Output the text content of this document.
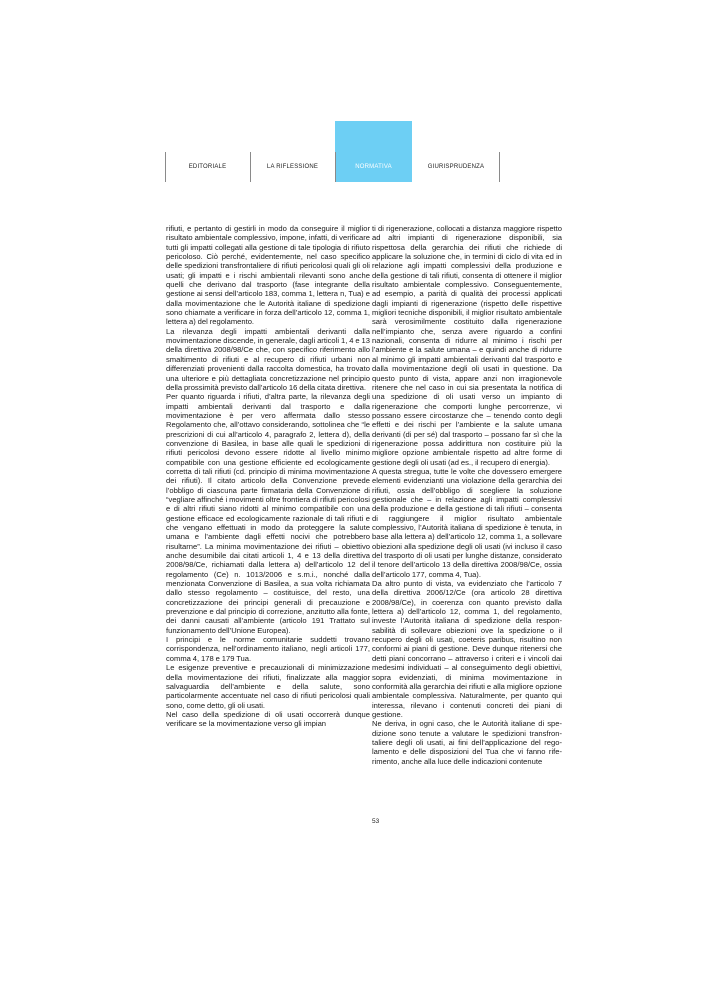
EDITORIALE	LA RIFLESSIONE	NORMATIVA	GIURISPRUDENZA

rifiuti, e pertanto di gestirli in modo da conseguire il miglior risultato ambientale complessivo, impone, infatti, di verificare tutti gli impatti collegati alla gestione di tale tipologia di rifiuto pericoloso. Ciò perché, evidentemente, nel caso specifico delle spedizioni transfrontaliere di rifiuti pericolosi quali gli oli usati; gli impatti e i rischi ambientali rilevanti sono anche quelli che derivano dal trasporto (fase integrante della gestione ai sensi dell’articolo 183, comma 1, lettera n, Tua) e dalla movimentazione che le Autorità italiane di spedizione sono chiamate a verificare in forza dell’articolo 12, comma 1, lettera a) del regolamento.

La rilevanza degli impatti ambientali derivanti dalla movimentazione discende, in generale, dagli articoli 1, 4 e 13 della direttiva 2008/98/Ce che, con specifico riferimento allo smaltimento di rifiuti e al recupero di rifiuti urbani non differenziati provenienti dalla raccolta domestica, ha trovato una ulteriore e più dettagliata concretizzazione nel principio della prossimità previsto dall’articolo 16 della citata direttiva.

Per quanto riguarda i rifiuti, d’altra parte, la rilevanza degli impatti ambientali derivanti dal trasporto e dalla movimentazione è per vero affermata dallo stesso Regolamento che, all’ottavo considerando, sottolinea che “le prescrizioni di cui all’articolo 4, paragrafo 2, lettera d), della convenzione di Basilea, in base alle quali le spedizioni di rifiuti pericolosi devono essere ridotte al livello minimo compatibile con una gestione efficiente ed ecologicamente corretta di tali rifiuti (cd. principio di minima movimentazione dei rifiuti). Il citato articolo della Convenzione prevede l’obbligo di ciascuna parte firmataria della Convenzione di “vegliare affinché i movimenti oltre frontiera di rifiuti pericolosi e di altri rifiuti siano ridotti al minimo compatibile con una gestione efficace ed ecologicamente razionale di tali rifiuti e che vengano effettuati in modo da proteggere la salute umana e l’ambiente dagli effetti nocivi che potrebbero risultarne”. La minima movimentazione dei rifiuti – obiettivo anche desumibile dai citati articoli 1, 4 e 13 della direttiva 2008/98/Ce, richiamati dalla lettera a) dell’articolo 12 del regolamento (Ce) n. 1013/2006 e s.m.i., nonché dalla menzionata Convenzione di Basilea, a sua volta richiamata dallo stesso regolamento – costituisce, del resto, una concretizzazione dei principi generali di precauzione e prevenzione e dal principio di correzione, anzitutto alla fonte, dei danni causati all’ambiente (articolo 191 Trattato sul funzionamento dell’Unione Europea).

I principi e le norme comunitarie suddetti trovano corrispondenza, nell’ordinamento italiano, negli articoli 177, comma 4, 178 e 179 Tua.

Le esigenze preventive e precauzionali di minimizzazione della movimentazione dei rifiuti, finalizzate alla maggior salvaguardia dell’ambiente e della salute, sono particolarmente accentuate nel caso di rifiuti pericolosi quali sono, come detto, gli oli usati.

Nel caso della spedizione di oli usati occorrerà dunque verificare se la movimentazione verso gli impian

ti di rigenerazione, collocati a distanza maggiore rispetto ad altri impianti di rigenerazione disponibili, sia rispettosa della gerarchia dei rifiuti che richiede di applicare la soluzione che, in termini di ciclo di vita ed in relazione agli impatti complessivi della produzione e della gestione di tali rifiuti, consenta di ottenere il miglior risultato ambientale complessivo. Conseguentemente, ad esempio, a parità di qualità dei processi applicati dagli impianti di rigenerazione (rispetto delle rispettive migliori tecniche disponibili, il miglior risultato ambientale sarà verosimilmente costituito dalla rigenerazione nell’impianto che, senza avere riguardo a confini nazionali, consenta di ridurre al minimo i rischi per l’ambiente e la salute umana – e quindi anche di ridurre al minimo gli impatti ambientali derivanti dal trasporto e dalla movimentazione degli oli usati in questione. Da questo punto di vista, appare anzi non irragionevole ritenere che nel caso in cui sia presentata la notifica di una spedizione di oli usati verso un impianto di rigenerazione che comporti lunghe percorrenze, vi possano essere circostanze che – tenendo conto degli effetti e dei rischi per l’ambiente e la salute umana derivanti (di per sé) dal trasporto – possano far sì che la rigenerazione possa addirittura non costituire più la migliore opzione ambientale rispetto ad altre forme di gestione degli oli usati (ad es., il recupero di energia).

A questa stregua, tutte le volte che dovessero emergere elementi evidenzianti una violazione della gerarchia dei rifiuti, ossia dell’obbligo di scegliere la soluzione gestionale che – in relazione agli impatti complessivi della produzione e della gestione di tali rifiuti – consenta di raggiungere il miglior risultato ambientale complessivo, l’Autorità italiana di spedizione è tenuta, in base alla lettera a) dell’articolo 12, comma 1, a sollevare obiezioni alla spedizione degli oli usati (ivi incluso il caso del trasporto di oli usati per lunghe distanze, considerato il tenore dell’articolo 13 della direttiva 2008/98/Ce, ossia dell’articolo 177, comma 4, Tua).

Da altro punto di vista, va evidenziato che l’articolo 7 della direttiva 2006/12/Ce (ora articolo 28 direttiva 2008/98/Ce), in coerenza con quanto previsto dalla lettera a) dell’articolo 12, comma 1, del regolamento, investe l’Autorità italiana di spedizione della responsabilità di sollevare obiezioni ove la spedizione o il recupero degli oli usati, coeteris paribus, risultino non conformi ai piani di gestione. Deve dunque ritenersi che detti piani concorrano – attraverso i criteri e i vincoli dai medesimi individuati – al conseguimento degli obiettivi, sopra evidenziati, di minima movimentazione in conformità alla gerarchia dei rifiuti e alla migliore opzione ambientale complessiva. Naturalmente, per quanto qui interessa, rilevano i contenuti concreti dei piani di gestione.

Ne deriva, in ogni caso, che le Autorità italiane di spedizione sono tenute a valutare le spedizioni transfrontaliere degli oli usati, ai fini dell’applicazione del regolamento e delle disposizioni del Tua che vi fanno riferimento, anche alla luce delle indicazioni contenute

53
